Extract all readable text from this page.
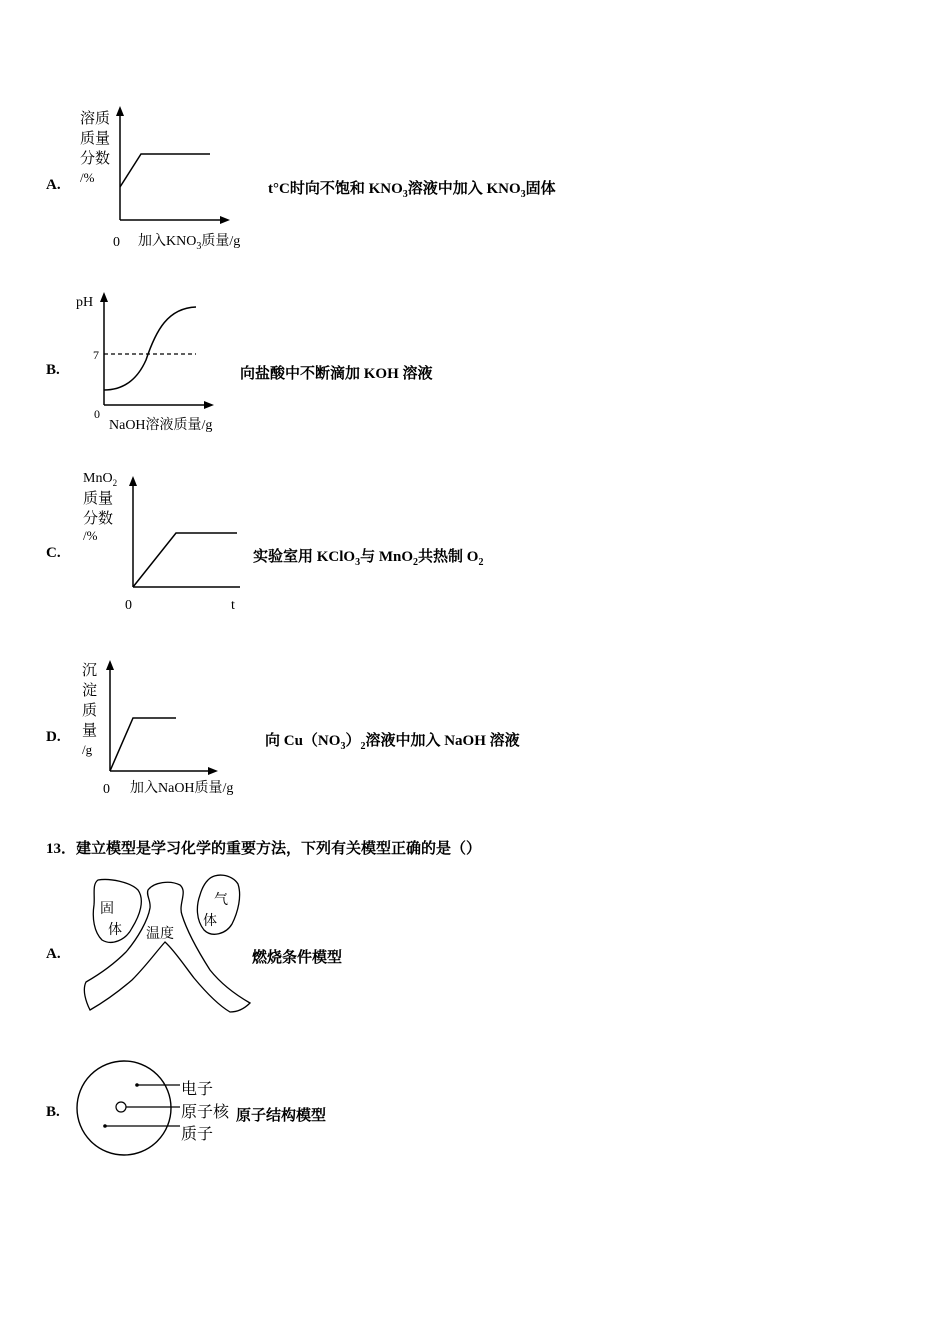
A.
溶质
质量
分数
/%
0 加入$KNO_3$质量/g
t°C时向不饱和 $KNO_3$溶液中加入 $KNO_3$固体
B.
pH
7
0
NaOH溶液质量/g
向盐酸中不断滴加 KOH 溶液
C.
MnO$_2$
质量
分数
/%
0	t
实验室用 KClO$_3$与 MnO$_2$共热制 $O_2$
D.
沉
淀
质
量
/g
0 加入NaOH质量/g
向 $Cu(NO_3)_2$溶液中加入 NaOH 溶液
13．建立模型是学习化学的重要方法，下列有关模型正确的是（）
A.
固
体 温度
气
体
燃烧条件模型
B.
电子
原子核
质子
原子结构模型
